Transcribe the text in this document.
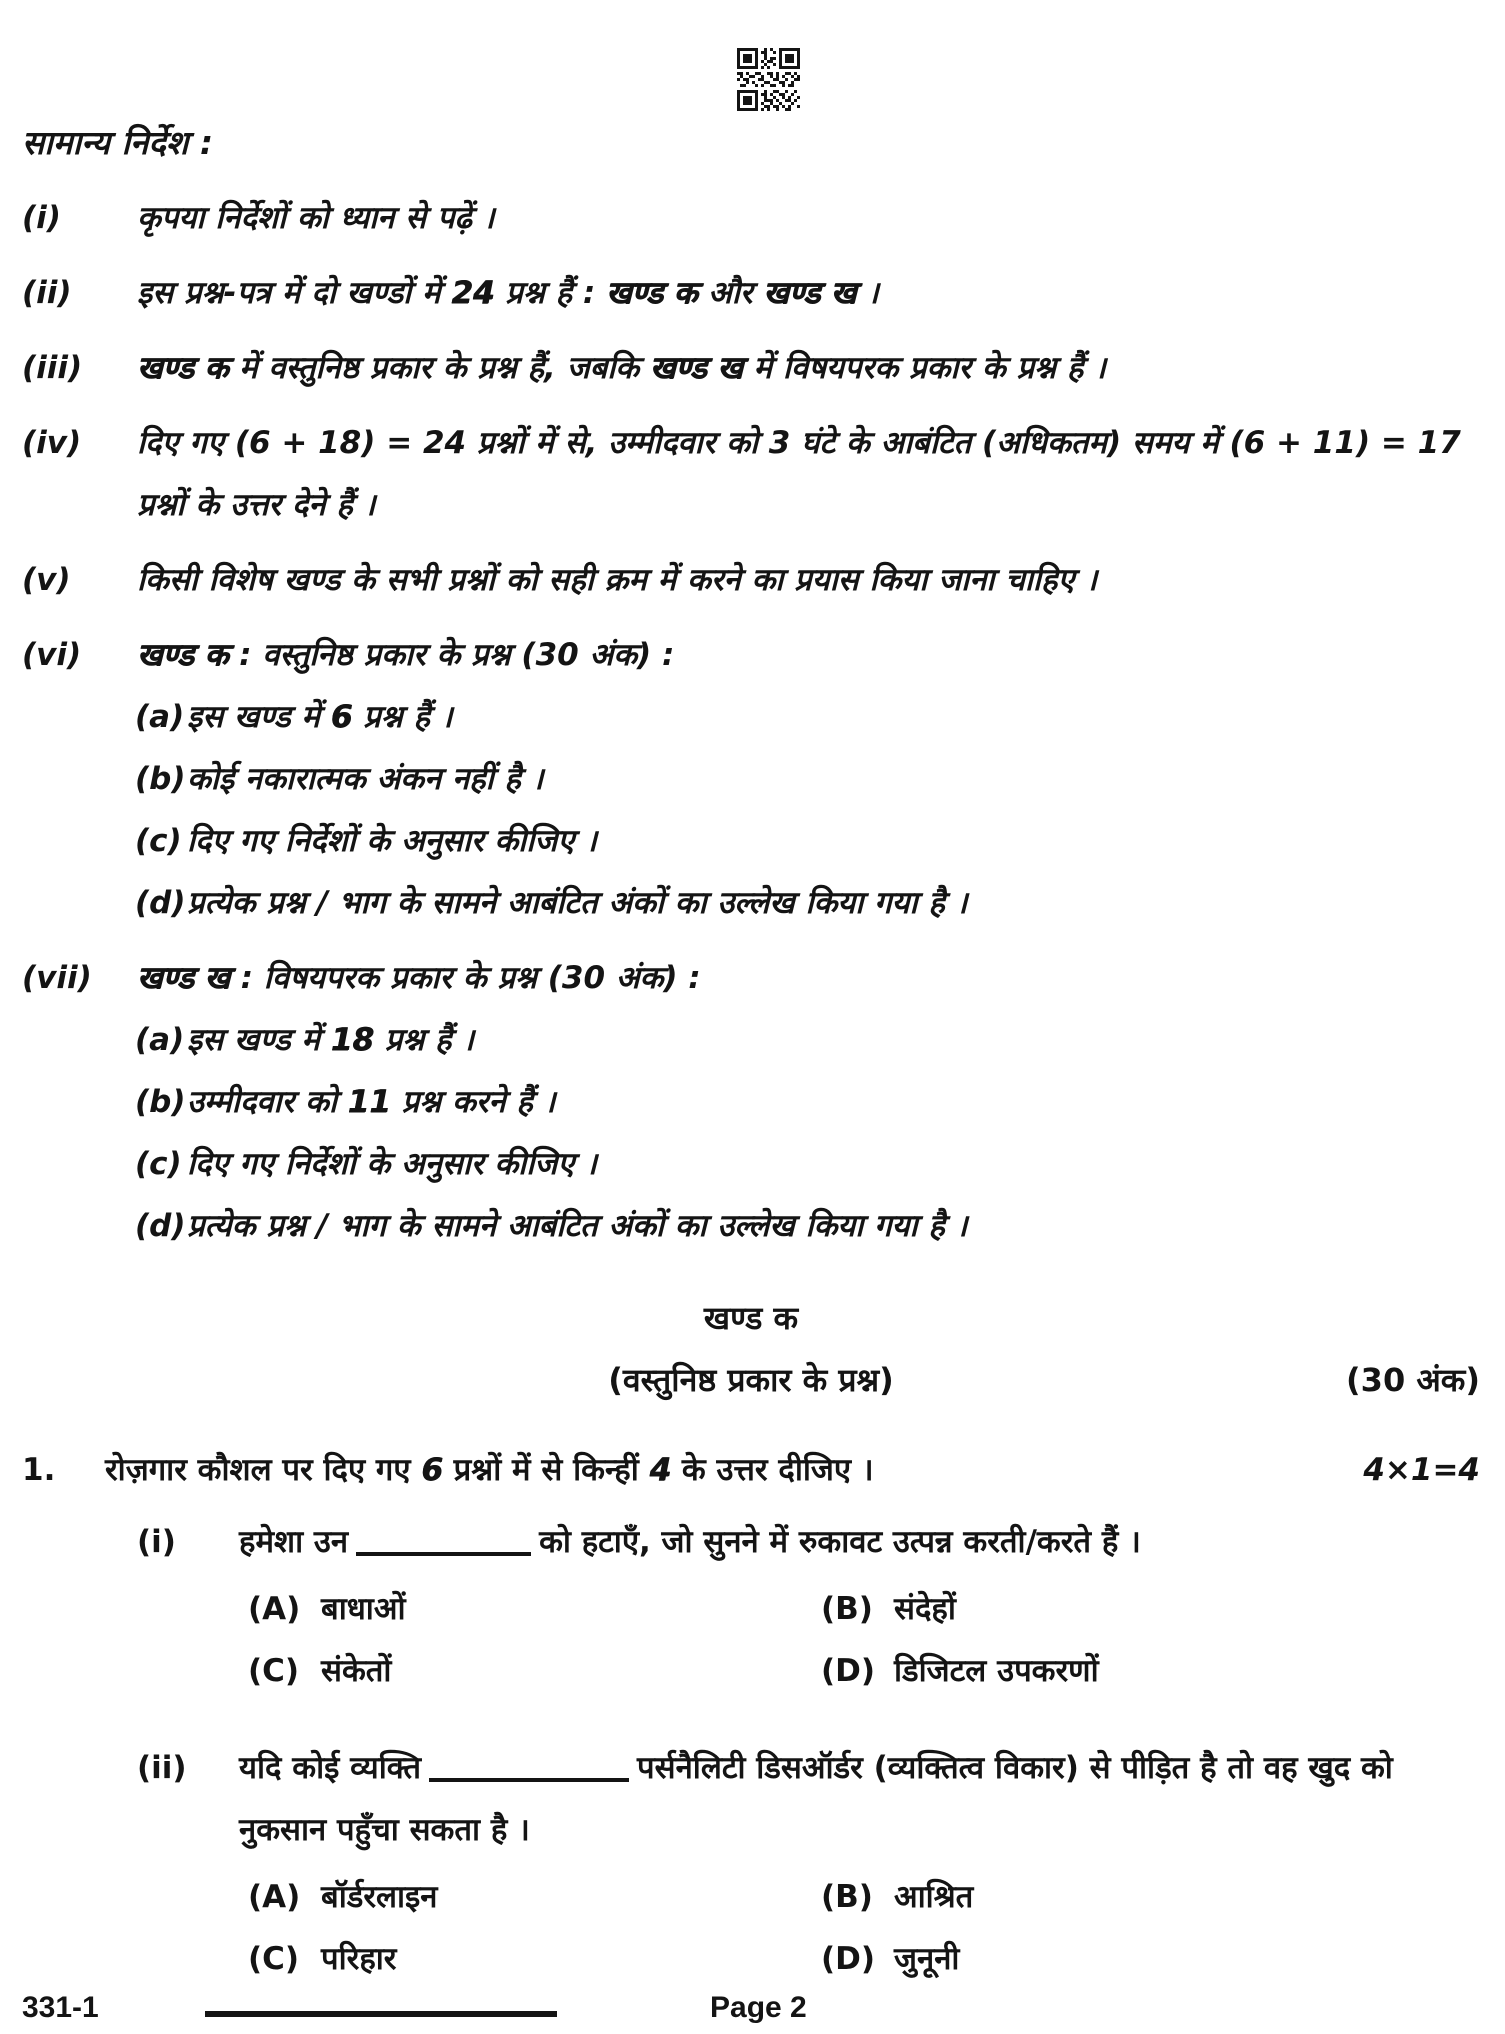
सामान्य निर्देश :
(i)	कृपया निर्देशों को ध्यान से पढ़ें ।
(ii)	इस प्रश्न-पत्र में दो खण्डों में 24 प्रश्न हैं : खण्ड क और खण्ड ख ।
(iii)	खण्ड क में वस्तुनिष्ठ प्रकार के प्रश्न हैं, जबकि खण्ड ख में विषयपरक प्रकार के प्रश्न हैं ।
(iv)	दिए गए (6 + 18) = 24 प्रश्नों में से, उम्मीदवार को 3 घंटे के आबंटित (अधिकतम) समय में (6 + 11) = 17 प्रश्नों के उत्तर देने हैं ।
(v)	किसी विशेष खण्ड के सभी प्रश्नों को सही क्रम में करने का प्रयास किया जाना चाहिए ।
(vi)	खण्ड क : वस्तुनिष्ठ प्रकार के प्रश्न (30 अंक) :
(a) इस खण्ड में 6 प्रश्न हैं ।
(b) कोई नकारात्मक अंकन नहीं है ।
(c) दिए गए निर्देशों के अनुसार कीजिए ।
(d) प्रत्येक प्रश्न / भाग के सामने आबंटित अंकों का उल्लेख किया गया है ।
(vii)	खण्ड ख : विषयपरक प्रकार के प्रश्न (30 अंक) :
(a) इस खण्ड में 18 प्रश्न हैं ।
(b) उम्मीदवार को 11 प्रश्न करने हैं ।
(c) दिए गए निर्देशों के अनुसार कीजिए ।
(d) प्रत्येक प्रश्न / भाग के सामने आबंटित अंकों का उल्लेख किया गया है ।
खण्ड क
(वस्तुनिष्ठ प्रकार के प्रश्न)	(30 अंक)
1.	रोज़गार कौशल पर दिए गए 6 प्रश्नों में से किन्हीं 4 के उत्तर दीजिए ।	4×1=4
(i)	हमेशा उन	को हटाएँ, जो सुनने में रुकावट उत्पन्न करती/करते हैं ।
(A) बाधाओं	(B) संदेहों
(C) संकेतों	(D) डिजिटल उपकरणों
(ii)	यदि कोई व्यक्ति	पर्सनैलिटी डिसऑर्डर (व्यक्तित्व विकार) से पीड़ित है तो वह खुद को नुकसान पहुँचा सकता है ।
(A) बॉर्डरलाइन	(B) आश्रित
(C) परिहार	(D) जुनूनी
331-1	Page 2
